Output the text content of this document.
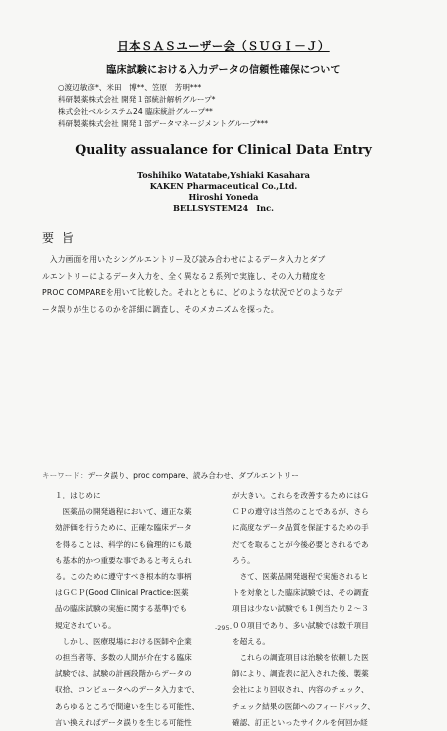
日本ＳＡＳユーザー会（ＳＵＧＩ－Ｊ）
臨床試験における入力データの信頼性確保について
○渡辺敏彦*、米田　博**、笠原　芳明***
科研製薬株式会社 開発１部統計解析グループ*
株式会社ベルシステム24 臨床統計グループ**
科研製薬株式会社 開発１部データマネージメントグループ***
Quality assualance for Clinical Data Entry
Toshihiko Watatabe,Yshiaki Kasahara
KAKEN Pharmaceutical Co.,Ltd.
Hiroshi Yoneda
BELLSYSTEM24　Inc.
要 旨

　入力画面を用いたシングルエントリー及び読み合わせによるデータ入力とダブ

ルエントリーによるデータ入力を、全く異なる２系列で実施し、その入力精度を

PROC COMPAREを用いて比較した。それとともに、どのような状況でどのようなデ

ータ誤りが生じるのかを詳細に調査し、そのメカニズムを探った。

キーワード：データ誤り、proc compare、読み合わせ、ダブルエントリー

１．はじめに

　医薬品の開発過程において、適正な薬

効評価を行うために、正確な臨床データ

を得ることは、科学的にも倫理的にも最

も基本的かつ重要な事であると考えられ

る。このために遵守すべき根本的な事柄

はＧＣＰ(Good Clinical Practice:医薬

品の臨床試験の実施に関する基準)でも

規定されている。

　しかし、医療現場における医師や企業

の担当者等、多数の人間が介在する臨床

試験では、試験の計画段階からデータの

収拾、コンピュータへのデータ入力まで、

あらゆるところで間違いを生じる可能性、

言い換えればデータ誤りを生じる可能性

が大きい。これらを改善するためにはＧ

ＣＰの遵守は当然のことであるが、さら

に高度なデータ品質を保証するための手

だてを取ることが今後必要とされるであ

ろう。

　さて、医薬品開発過程で実施されるヒ

トを対象とした臨床試験では、その調査

項目は少ない試験でも１例当たり２～３

００項目であり、多い試験では数千項目

を超える。

　これらの調査項目は治験を依頼した医

師により、調査表に記入された後、製薬

会社により回収され、内容のチェック、

チェック結果の医師へのフィードバック、

確認、訂正といったサイクルを何回か経

-295-
